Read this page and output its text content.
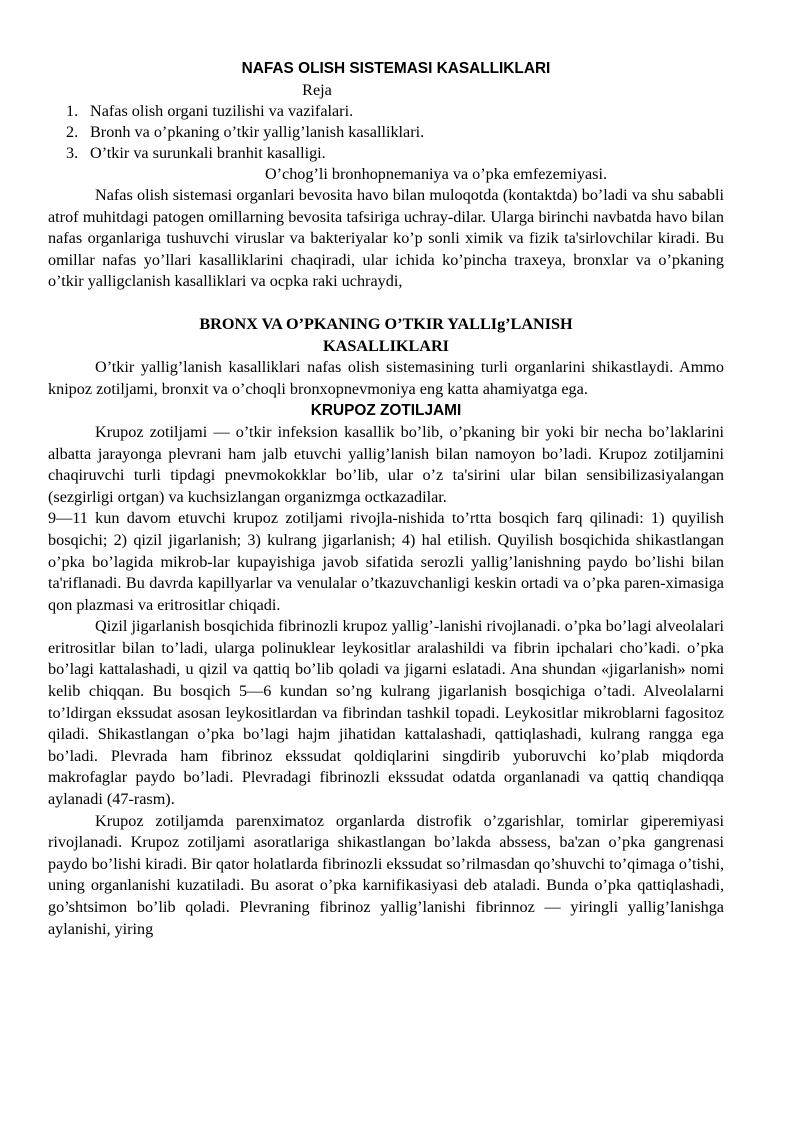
NAFAS OLISH SISTEMASI KASALLIKLARI
Reja
1. Nafas olish organi tuzilishi va vazifalari.
2. Bronh va o’pkaning o’tkir yallig’lanish kasalliklari.
3. O’tkir va surunkali branhit kasalligi.
O’chog’li bronhopnemaniya va o’pka emfezemiyasi.

Nafas olish sistemasi organlari bevosita havo bilan muloqotda (kontaktda) bo’ladi va shu sababli atrof muhitdagi patogen omillarning bevosita tafsiriga uchray-dilar. Ularga birinchi navbatda havo bilan nafas organlariga tushuvchi viruslar va bakteriyalar ko’p sonli ximik va fizik ta'sirlovchilar kiradi. Bu omillar nafas yo’llari kasalliklarini chaqiradi, ular ichida ko’pincha traxeya, bronxlar va o’pkaning o’tkir yalligclanish kasalliklari va ocpka raki uchraydi,

BRONX VA O’PKANING O’TKIR YALLIg’LANISH
KASALLIKLARI

O’tkir yallig’lanish kasalliklari nafas olish sistemasining turli organlarini shikastlaydi. Ammo knipoz zotiljami, bronxit va o’choqli bronxopnevmoniya eng katta ahamiyatga ega.

KRUPOZ ZOTILJAMI

Krupoz zotiljami — o’tkir infeksion kasallik bo’lib, o’pkaning bir yoki bir necha bo’laklarini albatta jarayonga plevrani ham jalb etuvchi yallig’lanish bilan namoyon bo’ladi. Krupoz zotiljamini chaqiruvchi turli tipdagi pnevmokokklar bo’lib, ular o’z ta'sirini ular bilan sensibilizasiyalangan (sezgirligi ortgan) va kuchsizlangan organizmga octkazadilar.

9—11 kun davom etuvchi krupoz zotiljami rivojla-nishida to’rtta bosqich farq qilinadi: 1) quyilish bosqichi; 2) qizil jigarlanish; 3) kulrang jigarlanish; 4) hal etilish. Quyilish bosqichida shikastlangan o’pka bo’lagida mikrob-lar kupayishiga javob sifatida serozli yallig’lanishning paydo bo’lishi bilan ta'riflanadi. Bu davrda kapillyarlar va venulalar o’tkazuvchanligi keskin ortadi va o’pka paren-ximasiga qon plazmasi va eritrositlar chiqadi.

Qizil jigarlanish bosqichida fibrinozli krupoz yallig’-lanishi rivojlanadi. o’pka bo’lagi alveolalari eritrositlar bilan to’ladi, ularga polinuklear leykositlar aralashildi va fibrin ipchalari cho’kadi. o’pka bo’lagi kattalashadi, u qizil va qattiq bo’lib qoladi va jigarni eslatadi. Ana shundan «jigarlanish» nomi kelib chiqqan. Bu bosqich 5—6 kundan so’ng kulrang jigarlanish bosqichiga o’tadi. Alveolalarni to’ldirgan ekssudat asosan leykositlardan va fibrindan tashkil topadi. Leykositlar mikroblarni fagositoz qiladi. Shikastlangan o’pka bo’lagi hajm jihatidan kattalashadi, qattiqlashadi, kulrang rangga ega bo’ladi. Plevrada ham fibrinoz ekssudat qoldiqlarini singdirib yuboruvchi ko’plab miqdorda makrofaglar paydo bo’ladi. Plevradagi fibrinozli ekssudat odatda organlanadi va qattiq chandiqqa aylanadi (47-rasm).

Krupoz zotiljamda parenximatoz organlarda distrofik o’zgarishlar, tomirlar giperemiyasi rivojlanadi. Krupoz zotiljami asoratlariga shikastlangan bo’lakda abssess, ba'zan o’pka gangrenasi paydo bo’lishi kiradi. Bir qator holatlarda fibrinozli ekssudat so’rilmasdan qo’shuvchi to’qimaga o’tishi, uning organlanishi kuzatiladi. Bu asorat o’pka karnifikasiyasi deb ataladi. Bunda o’pka qattiqlashadi, go’shtsimon bo’lib qoladi. Plevraning fibrinoz yallig’lanishi fibrinnoz — yiringli yallig’lanishga aylanishi, yiring
